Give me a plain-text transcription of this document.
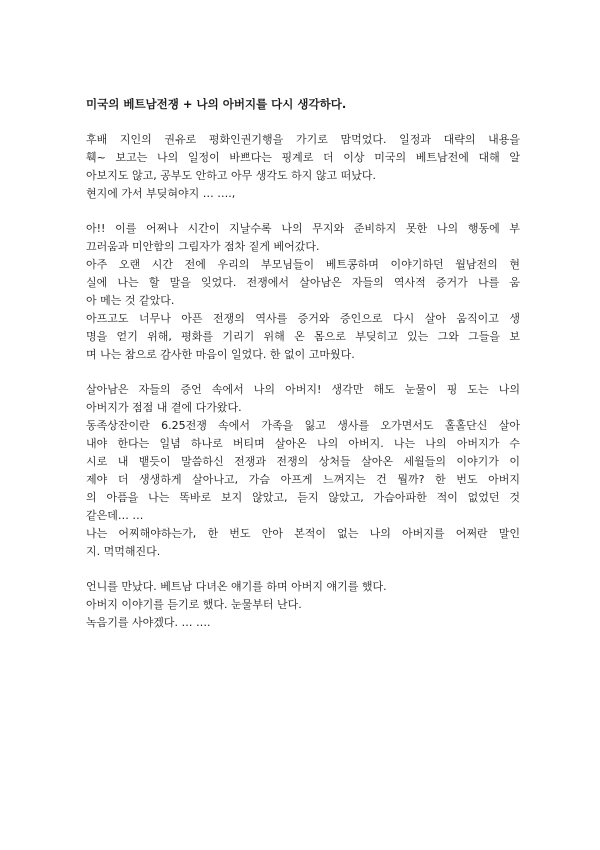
미국의 베트남전쟁 + 나의 아버지를 다시 생각하다.
후배 지인의 권유로 평화인권기행을 가기로 맘먹었다. 일정과 대략의 내용을
훽~ 보고는 나의 일정이 바쁘다는 핑계로 더 이상 미국의 베트남전에 대해 알
아보지도 않고, 공부도 안하고 아무 생각도 하지 않고 떠났다.
현지에 가서 부딪혀야지 … ….,
아!! 이를 어쩌나 시간이 지날수록 나의 무지와 준비하지 못한 나의 행동에 부
끄러움과 미안함의 그림자가 점차 짙게 베어갔다.
아주 오랜 시간 전에 우리의 부모님들이 베트콩하며 이야기하던 월남전의 현
실에 나는 할 말을 잊었다. 전쟁에서 살아남은 자들의 역사적 증거가 나를 움
아 메는 것 같았다.
아프고도 너무나 아픈 전쟁의 역사를 증거와 증인으로 다시 살아 움직이고 생
명을 얻기 위해, 평화를 기리기 위해 온 몸으로 부딪히고 있는 그와 그들을 보
며 나는 참으로 감사한 마음이 일었다. 한 없이 고마웠다.
살아남은 자들의 증언 속에서 나의 아버지! 생각만 해도 눈물이 핑 도는 나의
아버지가 점점 내 곁에 다가왔다.
동족상잔이란 6.25전쟁 속에서 가족을 잃고 생사를 오가면서도 홀홀단신 살아
내야 한다는 일념 하나로 버티며 살아온 나의 아버지. 나는 나의 아버지가 수
시로 내 뱉듯이 말씀하신 전쟁과 전쟁의 상처들 살아온 세월들의 이야기가 이
제야 더 생생하게 살아나고, 가슴 아프게 느껴지는 건 뭘까? 한 번도 아버지
의 아픔을 나는 똑바로 보지 않았고, 듣지 않았고, 가슴아파한 적이 없었던 것
같은데… …
나는 어찌해야하는가, 한 번도 안아 본적이 없는 나의 아버지를 어쩌란 말인
지. 먹먹해진다.
언니를 만났다. 베트남 다녀온 얘기를 하며 아버지 얘기를 했다.
아버지 이야기를 듣기로 했다. 눈물부터 난다.
녹음기를 사야겠다. … ….
